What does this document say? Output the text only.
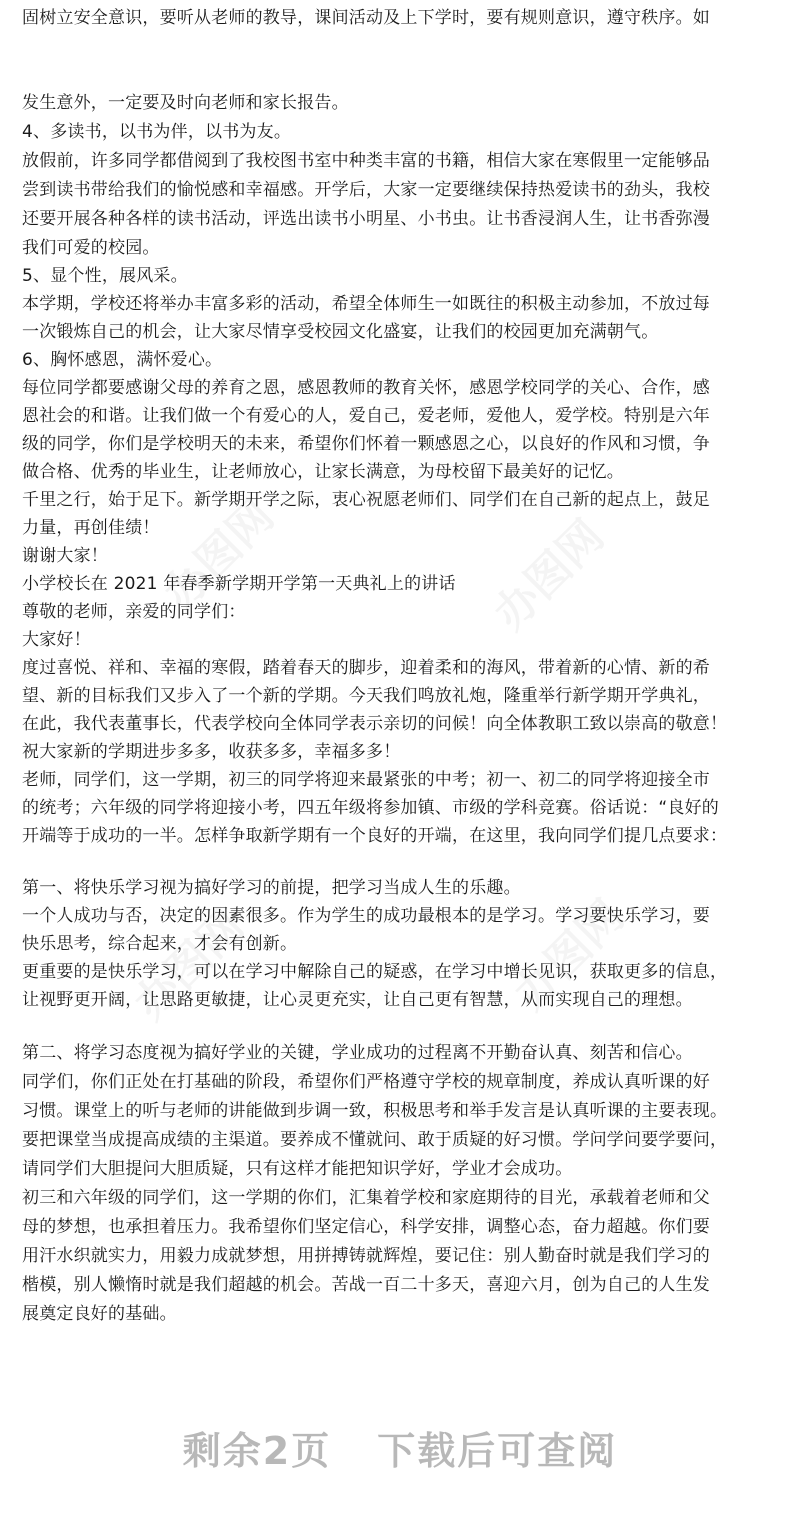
固树立安全意识，要听从老师的教导，课间活动及上下学时，要有规则意识，遵守秩序。如
发生意外，一定要及时向老师和家长报告。
4、多读书，以书为伴，以书为友。
放假前，许多同学都借阅到了我校图书室中种类丰富的书籍，相信大家在寒假里一定能够品
尝到读书带给我们的愉悦感和幸福感。开学后，大家一定要继续保持热爱读书的劲头，我校
还要开展各种各样的读书活动，评选出读书小明星、小书虫。让书香浸润人生，让书香弥漫
我们可爱的校园。
5、显个性，展风采。
本学期，学校还将举办丰富多彩的活动，希望全体师生一如既往的积极主动参加，不放过每
一次锻炼自己的机会，让大家尽情享受校园文化盛宴，让我们的校园更加充满朝气。
6、胸怀感恩，满怀爱心。
每位同学都要感谢父母的养育之恩，感恩教师的教育关怀，感恩学校同学的关心、合作，感
恩社会的和谐。让我们做一个有爱心的人，爱自己，爱老师，爱他人，爱学校。特别是六年
级的同学，你们是学校明天的未来，希望你们怀着一颗感恩之心，以良好的作风和习惯，争
做合格、优秀的毕业生，让老师放心，让家长满意，为母校留下最美好的记忆。
千里之行，始于足下。新学期开学之际，衷心祝愿老师们、同学们在自己新的起点上，鼓足
力量，再创佳绩！
谢谢大家！
小学校长在 2021 年春季新学期开学第一天典礼上的讲话
尊敬的老师，亲爱的同学们：
大家好！
度过喜悦、祥和、幸福的寒假，踏着春天的脚步，迎着柔和的海风，带着新的心情、新的希
望、新的目标我们又步入了一个新的学期。今天我们鸣放礼炮，隆重举行新学期开学典礼，
在此，我代表董事长，代表学校向全体同学表示亲切的问候！向全体教职工致以崇高的敬意！
祝大家新的学期进步多多，收获多多，幸福多多！
老师，同学们，这一学期，初三的同学将迎来最紧张的中考；初一、初二的同学将迎接全市
的统考；六年级的同学将迎接小考，四五年级将参加镇、市级的学科竞赛。俗话说：“良好的
开端等于成功的一半。怎样争取新学期有一个良好的开端，在这里，我向同学们提几点要求：
第一、将快乐学习视为搞好学习的前提，把学习当成人生的乐趣。
一个人成功与否，决定的因素很多。作为学生的成功最根本的是学习。学习要快乐学习，要
快乐思考，综合起来，才会有创新。
更重要的是快乐学习，可以在学习中解除自己的疑惑，在学习中增长见识，获取更多的信息，
让视野更开阔，让思路更敏捷，让心灵更充实，让自己更有智慧，从而实现自己的理想。
第二、将学习态度视为搞好学业的关键，学业成功的过程离不开勤奋认真、刻苦和信心。
同学们，你们正处在打基础的阶段，希望你们严格遵守学校的规章制度，养成认真听课的好
习惯。课堂上的听与老师的讲能做到步调一致，积极思考和举手发言是认真听课的主要表现。
要把课堂当成提高成绩的主渠道。要养成不懂就问、敢于质疑的好习惯。学问学问要学要问，
请同学们大胆提问大胆质疑，只有这样才能把知识学好，学业才会成功。
初三和六年级的同学们，这一学期的你们，汇集着学校和家庭期待的目光，承载着老师和父
母的梦想，也承担着压力。我希望你们坚定信心，科学安排，调整心态，奋力超越。你们要
用汗水织就实力，用毅力成就梦想，用拼搏铸就辉煌，要记住：别人勤奋时就是我们学习的
楷模，别人懒惰时就是我们超越的机会。苦战一百二十多天，喜迎六月，创为自己的人生发
展奠定良好的基础。
剩余2页 下载后可查阅
